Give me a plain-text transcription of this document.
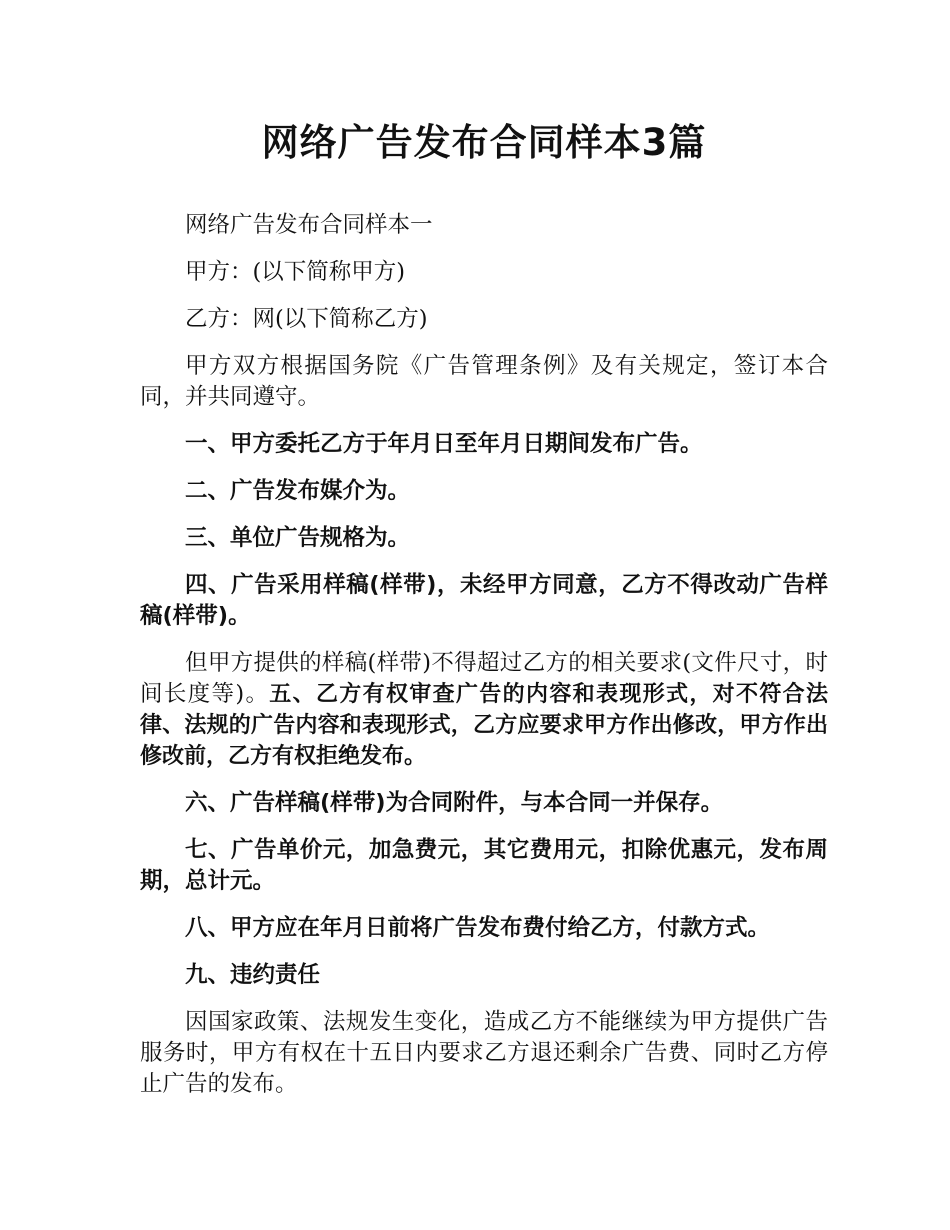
网络广告发布合同样本3篇

网络广告发布合同样本一

甲方：(以下简称甲方)

乙方：网(以下简称乙方)

甲方双方根据国务院《广告管理条例》及有关规定，签订本合同，并共同遵守。

一、甲方委托乙方于年月日至年月日期间发布广告。

二、广告发布媒介为。

三、单位广告规格为。

四、广告采用样稿(样带)，未经甲方同意，乙方不得改动广告样稿(样带)。

但甲方提供的样稿(样带)不得超过乙方的相关要求(文件尺寸，时间长度等)。五、乙方有权审查广告的内容和表现形式，对不符合法律、法规的广告内容和表现形式，乙方应要求甲方作出修改，甲方作出修改前，乙方有权拒绝发布。

六、广告样稿(样带)为合同附件，与本合同一并保存。

七、广告单价元，加急费元，其它费用元，扣除优惠元，发布周期，总计元。

八、甲方应在年月日前将广告发布费付给乙方，付款方式。

九、违约责任

因国家政策、法规发生变化，造成乙方不能继续为甲方提供广告服务时，甲方有权在十五日内要求乙方退还剩余广告费、同时乙方停止广告的发布。
